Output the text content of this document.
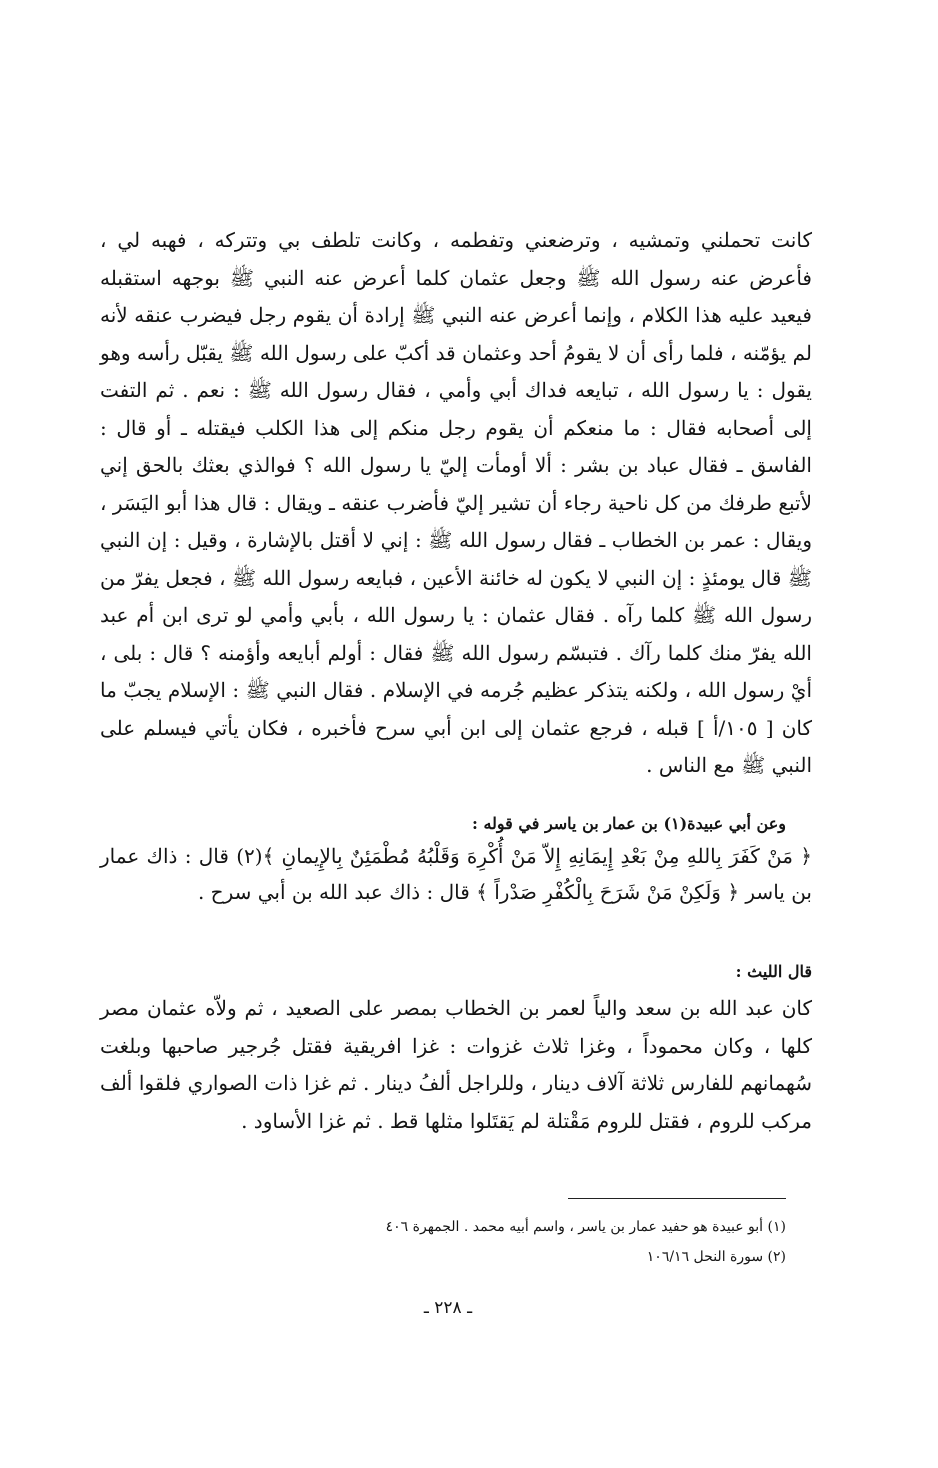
كانت تحملني وتمشيه ، وترضعني وتفطمه ، وكانت تلطف بي وتتركه ، فهبه لي ، فأعرض عنه رسول الله ﷺ وجعل عثمان كلما أعرض عنه النبي ﷺ بوجهه استقبله فيعيد عليه هذا الكلام ، وإنما أعرض عنه النبي ﷺ إرادة أن يقوم رجل فيضرب عنقه لأنه لم يؤمّنه ، فلما رأى أن لا يقومُ أحد وعثمان قد أكبّ على رسول الله ﷺ يقبّل رأسه وهو يقول : يا رسول الله ، تبايعه فداك أبي وأمي ، فقال رسول الله ﷺ : نعم . ثم التفت إلى أصحابه فقال : ما منعكم أن يقوم رجل منكم إلى هذا الكلب فيقتله ـ أو قال : الفاسق ـ فقال عباد بن بشر : ألا أومأت إليّ يا رسول الله ؟ فوالذي بعثك بالحق إني لأتبع طرفك من كل ناحية رجاء أن تشير إليّ فأضرب عنقه ـ ويقال : قال هذا أبو اليَسَر ، ويقال : عمر بن الخطاب ـ فقال رسول الله ﷺ : إني لا أقتل بالإشارة ، وقيل : إن النبي ﷺ قال يومئذٍ : إن النبي لا يكون له خائنة الأعين ، فبايعه رسول الله ﷺ ، فجعل يفرّ من رسول الله ﷺ كلما رآه . فقال عثمان : يا رسول الله ، بأبي وأمي لو ترى ابن أم عبد الله يفرّ منك كلما رآك . فتبسّم رسول الله ﷺ فقال : أولم أبايعه وأؤمنه ؟ قال : بلى ، أيْ رسول الله ، ولكنه يتذكر عظيم جُرمه في الإسلام . فقال النبي ﷺ : الإسلام يجبّ ما كان [ ١٠٥/أ ] قبله ، فرجع عثمان إلى ابن أبي سرح فأخبره ، فكان يأتي فيسلم على النبي ﷺ مع الناس .

وعن أبي عبيدة(١) بن عمار بن ياسر في قوله :

﴿ مَنْ كَفَرَ بِاللهِ مِنْ بَعْدِ إِيمَانِهِ إِلاّ مَنْ أُكْرِهَ وَقَلْبُهُ مُطْمَئِنٌ بِالإِيمانِ ﴾(٢) قال : ذاك عمار بن ياسر ﴿ وَلَكِنْ مَنْ شَرَحَ بِالْكُفْرِ صَدْراً ﴾ قال : ذاك عبد الله بن أبي سرح .

قال الليث :

كان عبد الله بن سعد والياً لعمر بن الخطاب بمصر على الصعيد ، ثم ولاّه عثمان مصر كلها ، وكان محموداً ، وغزا ثلاث غزوات : غزا افريقية فقتل جُرجير صاحبها وبلغت سُهمانهم للفارس ثلاثة آلاف دينار ، وللراجل ألفُ دينار . ثم غزا ذات الصواري فلقوا ألف مركب للروم ، فقتل للروم مَقْتلة لم يَقتَلوا مثلها قط . ثم غزا الأساود .

(١) أبو عبيدة هو حفيد عمار بن ياسر ، واسم أبيه محمد . الجمهرة ٤٠٦
(٢) سورة النحل ١٠٦/١٦
ـ ٢٢٨ ـ
